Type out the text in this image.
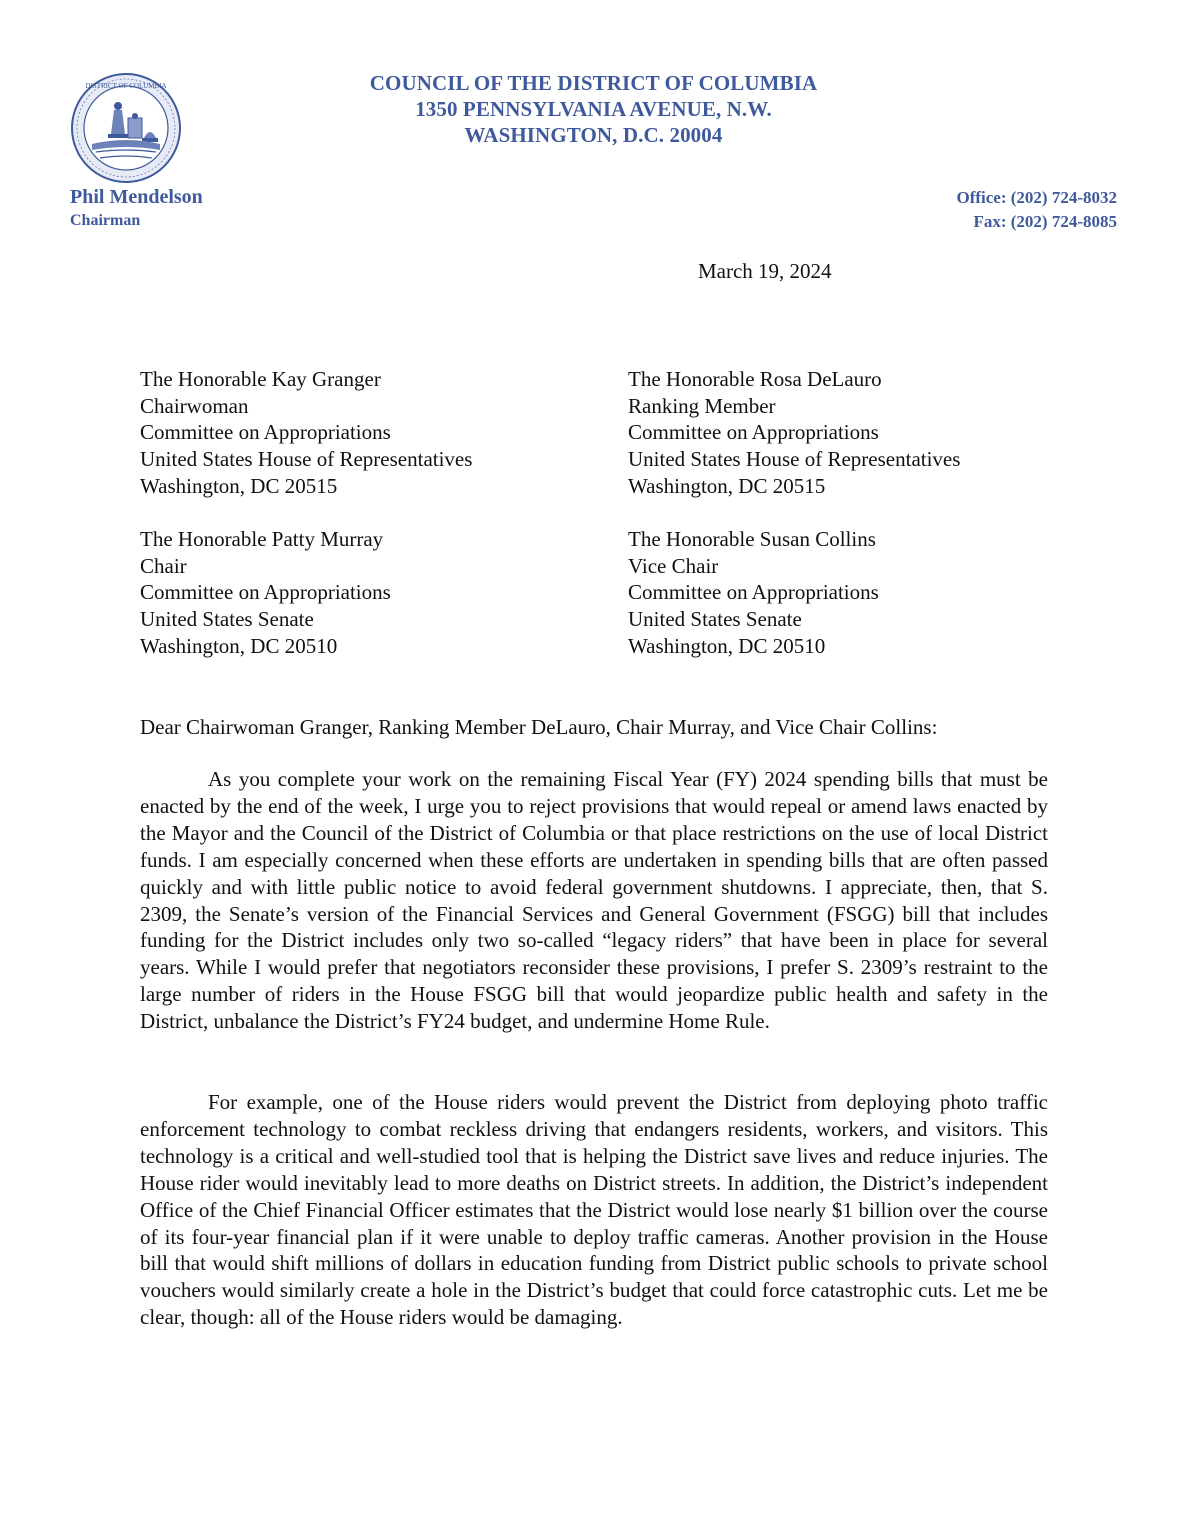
DISTRICT OF COLUMBIA	COUNCIL OF THE DISTRICT OF COLUMBIA
1350 PENNSYLVANIA AVENUE, N.W.
WASHINGTON, D.C. 20004
Phil Mendelson
Chairman
Office: (202) 724-8032
Fax: (202) 724-8085
March 19, 2024
The Honorable Kay Granger
Chairwoman
Committee on Appropriations
United States House of Representatives
Washington, DC 20515
The Honorable Rosa DeLauro
Ranking Member
Committee on Appropriations
United States House of Representatives
Washington, DC 20515
The Honorable Patty Murray
Chair
Committee on Appropriations
United States Senate
Washington, DC 20510
The Honorable Susan Collins
Vice Chair
Committee on Appropriations
United States Senate
Washington, DC 20510
Dear Chairwoman Granger, Ranking Member DeLauro, Chair Murray, and Vice Chair Collins:

As you complete your work on the remaining Fiscal Year (FY) 2024 spending bills that must be enacted by the end of the week, I urge you to reject provisions that would repeal or amend laws enacted by the Mayor and the Council of the District of Columbia or that place restrictions on the use of local District funds. I am especially concerned when these efforts are undertaken in spending bills that are often passed quickly and with little public notice to avoid federal government shutdowns. I appreciate, then, that S. 2309, the Senate’s version of the Financial Services and General Government (FSGG) bill that includes funding for the District includes only two so-called “legacy riders” that have been in place for several years. While I would prefer that negotiators reconsider these provisions, I prefer S. 2309’s restraint to the large number of riders in the House FSGG bill that would jeopardize public health and safety in the District, unbalance the District’s FY24 budget, and undermine Home Rule.

For example, one of the House riders would prevent the District from deploying photo traffic enforcement technology to combat reckless driving that endangers residents, workers, and visitors. This technology is a critical and well-studied tool that is helping the District save lives and reduce injuries. The House rider would inevitably lead to more deaths on District streets. In addition, the District’s independent Office of the Chief Financial Officer estimates that the District would lose nearly $1 billion over the course of its four-year financial plan if it were unable to deploy traffic cameras. Another provision in the House bill that would shift millions of dollars in education funding from District public schools to private school vouchers would similarly create a hole in the District’s budget that could force catastrophic cuts. Let me be clear, though: all of the House riders would be damaging.
